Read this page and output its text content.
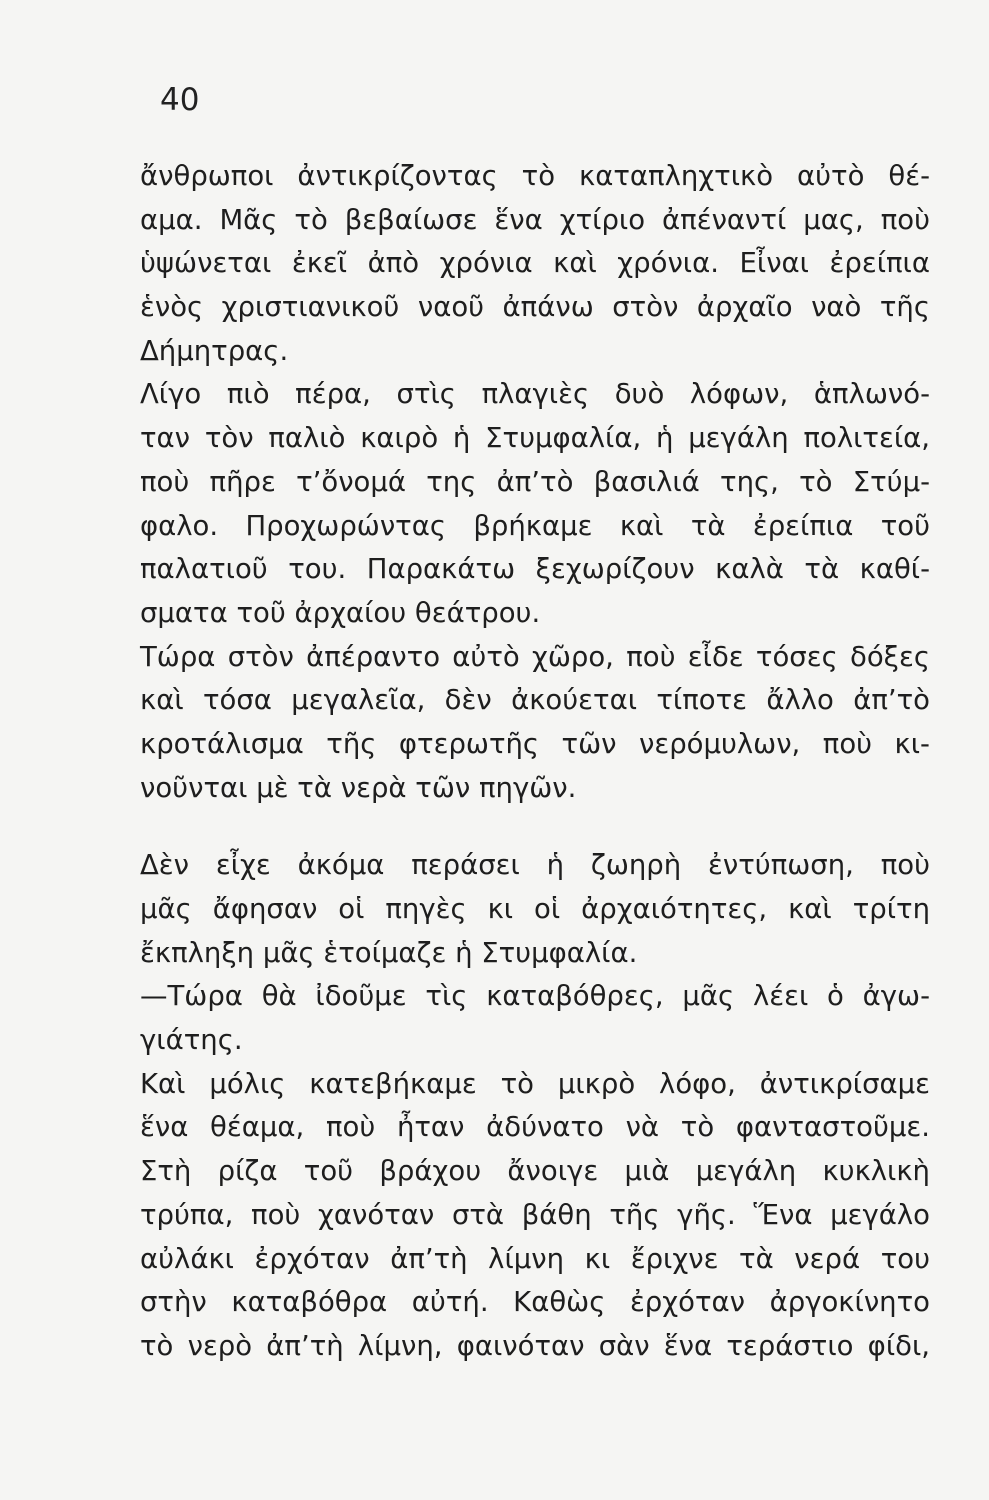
40
ἄνθρωποι ἀντικρίζοντας τὸ καταπληχτικὸ αὐτὸ θέ-
αμα. Μᾶς τὸ βεβαίωσε ἕνα χτίριο ἀπέναντί μας, ποὺ
ὑψώνεται ἐκεῖ ἀπὸ χρόνια καὶ χρόνια. Εἶναι ἐρείπια
ἑνὸς χριστιανικοῦ ναοῦ ἀπάνω στὸν ἀρχαῖο ναὸ τῆς
Δήμητρας.
Λίγο πιὸ πέρα, στὶς πλαγιὲς δυὸ λόφων, ἁπλωνό-
ταν τὸν παλιὸ καιρὸ ἡ Στυμφαλία, ἡ μεγάλη πολιτεία,
ποὺ πῆρε τ’ὄνομά της ἀπ’τὸ βασιλιά της, τὸ Στύμ-
φαλο. Προχωρώντας βρήκαμε καὶ τὰ ἐρείπια τοῦ
παλατιοῦ του. Παρακάτω ξεχωρίζουν καλὰ τὰ καθί-
σματα τοῦ ἀρχαίου θεάτρου.
Τώρα στὸν ἀπέραντο αὐτὸ χῶρο, ποὺ εἶδε τόσες δόξες
καὶ τόσα μεγαλεῖα, δὲν ἀκούεται τίποτε ἄλλο ἀπ’τὸ
κροτάλισμα τῆς φτερωτῆς τῶν νερόμυλων, ποὺ κι-
νοῦνται μὲ τὰ νερὰ τῶν πηγῶν.
Δὲν εἶχε ἀκόμα περάσει ἡ ζωηρὴ ἐντύπωση, ποὺ
μᾶς ἄφησαν οἱ πηγὲς κι οἱ ἀρχαιότητες, καὶ τρίτη
ἔκπληξη μᾶς ἑτοίμαζε ἡ Στυμφαλία.
—Τώρα θὰ ἰδοῦμε τὶς καταβόθρες, μᾶς λέει ὁ ἀγω-
γιάτης.
Καὶ μόλις κατεβήκαμε τὸ μικρὸ λόφο, ἀντικρίσαμε
ἕνα θέαμα, ποὺ ἦταν ἀδύνατο νὰ τὸ φανταστοῦμε.
Στὴ ρίζα τοῦ βράχου ἄνοιγε μιὰ μεγάλη κυκλικὴ
τρύπα, ποὺ χανόταν στὰ βάθη τῆς γῆς. Ἕνα μεγάλο
αὐλάκι ἐρχόταν ἀπ’τὴ λίμνη κι ἔριχνε τὰ νερά του
στὴν καταβόθρα αὐτή. Καθὼς ἐρχόταν ἀργοκίνητο
τὸ νερὸ ἀπ’τὴ λίμνη, φαινόταν σὰν ἕνα τεράστιο φίδι,
